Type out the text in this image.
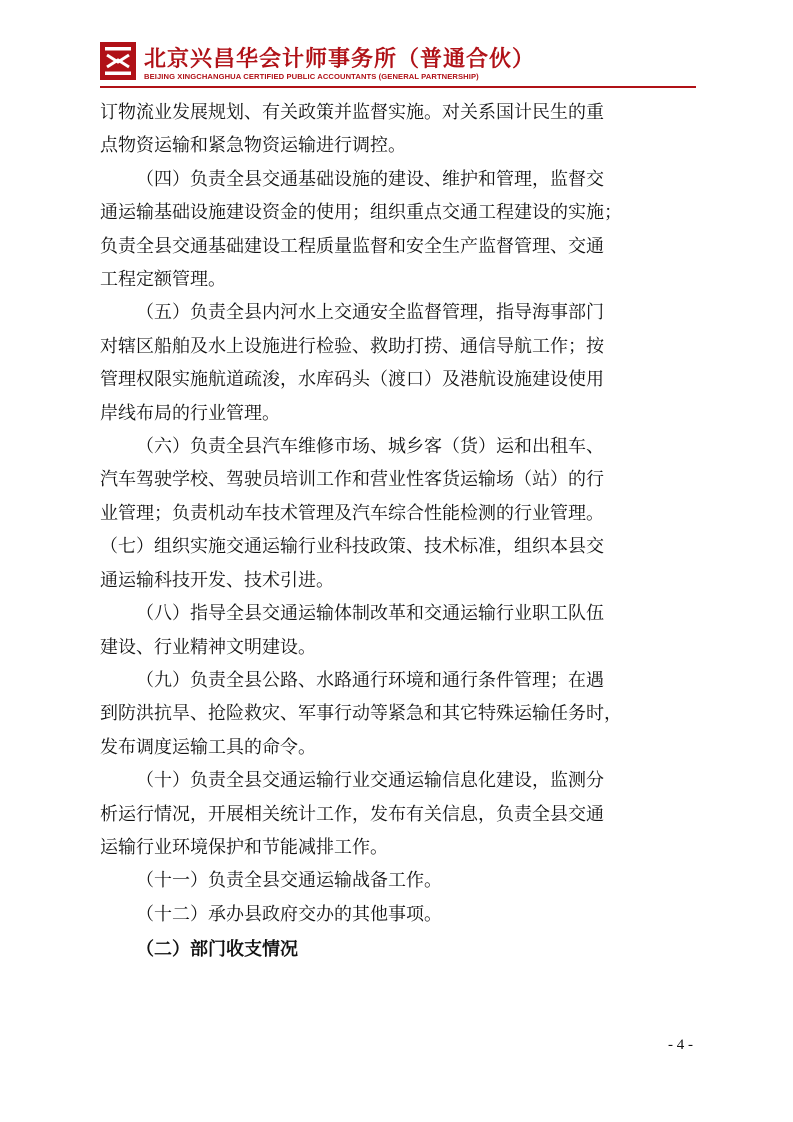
北京兴昌华会计师事务所（普通合伙）
BEIJING XINGCHANGHUA CERTIFIED PUBLIC ACCOUNTANTS (GENERAL PARTNERSHIP)

订物流业发展规划、有关政策并监督实施。对关系国计民生的重

点物资运输和紧急物资运输进行调控。

（四）负责全县交通基础设施的建设、维护和管理，监督交

通运输基础设施建设资金的使用；组织重点交通工程建设的实施；

负责全县交通基础建设工程质量监督和安全生产监督管理、交通

工程定额管理。

（五）负责全县内河水上交通安全监督管理，指导海事部门

对辖区船舶及水上设施进行检验、救助打捞、通信导航工作；按

管理权限实施航道疏浚，水库码头（渡口）及港航设施建设使用

岸线布局的行业管理。

（六）负责全县汽车维修市场、城乡客（货）运和出租车、

汽车驾驶学校、驾驶员培训工作和营业性客货运输场（站）的行

业管理；负责机动车技术管理及汽车综合性能检测的行业管理。

（七）组织实施交通运输行业科技政策、技术标准，组织本县交

通运输科技开发、技术引进。

（八）指导全县交通运输体制改革和交通运输行业职工队伍

建设、行业精神文明建设。

（九）负责全县公路、水路通行环境和通行条件管理；在遇

到防洪抗旱、抢险救灾、军事行动等紧急和其它特殊运输任务时，

发布调度运输工具的命令。

（十）负责全县交通运输行业交通运输信息化建设，监测分

析运行情况，开展相关统计工作，发布有关信息，负责全县交通

运输行业环境保护和节能减排工作。

（十一）负责全县交通运输战备工作。

（十二）承办县政府交办的其他事项。

（二）部门收支情况

- 4 -
